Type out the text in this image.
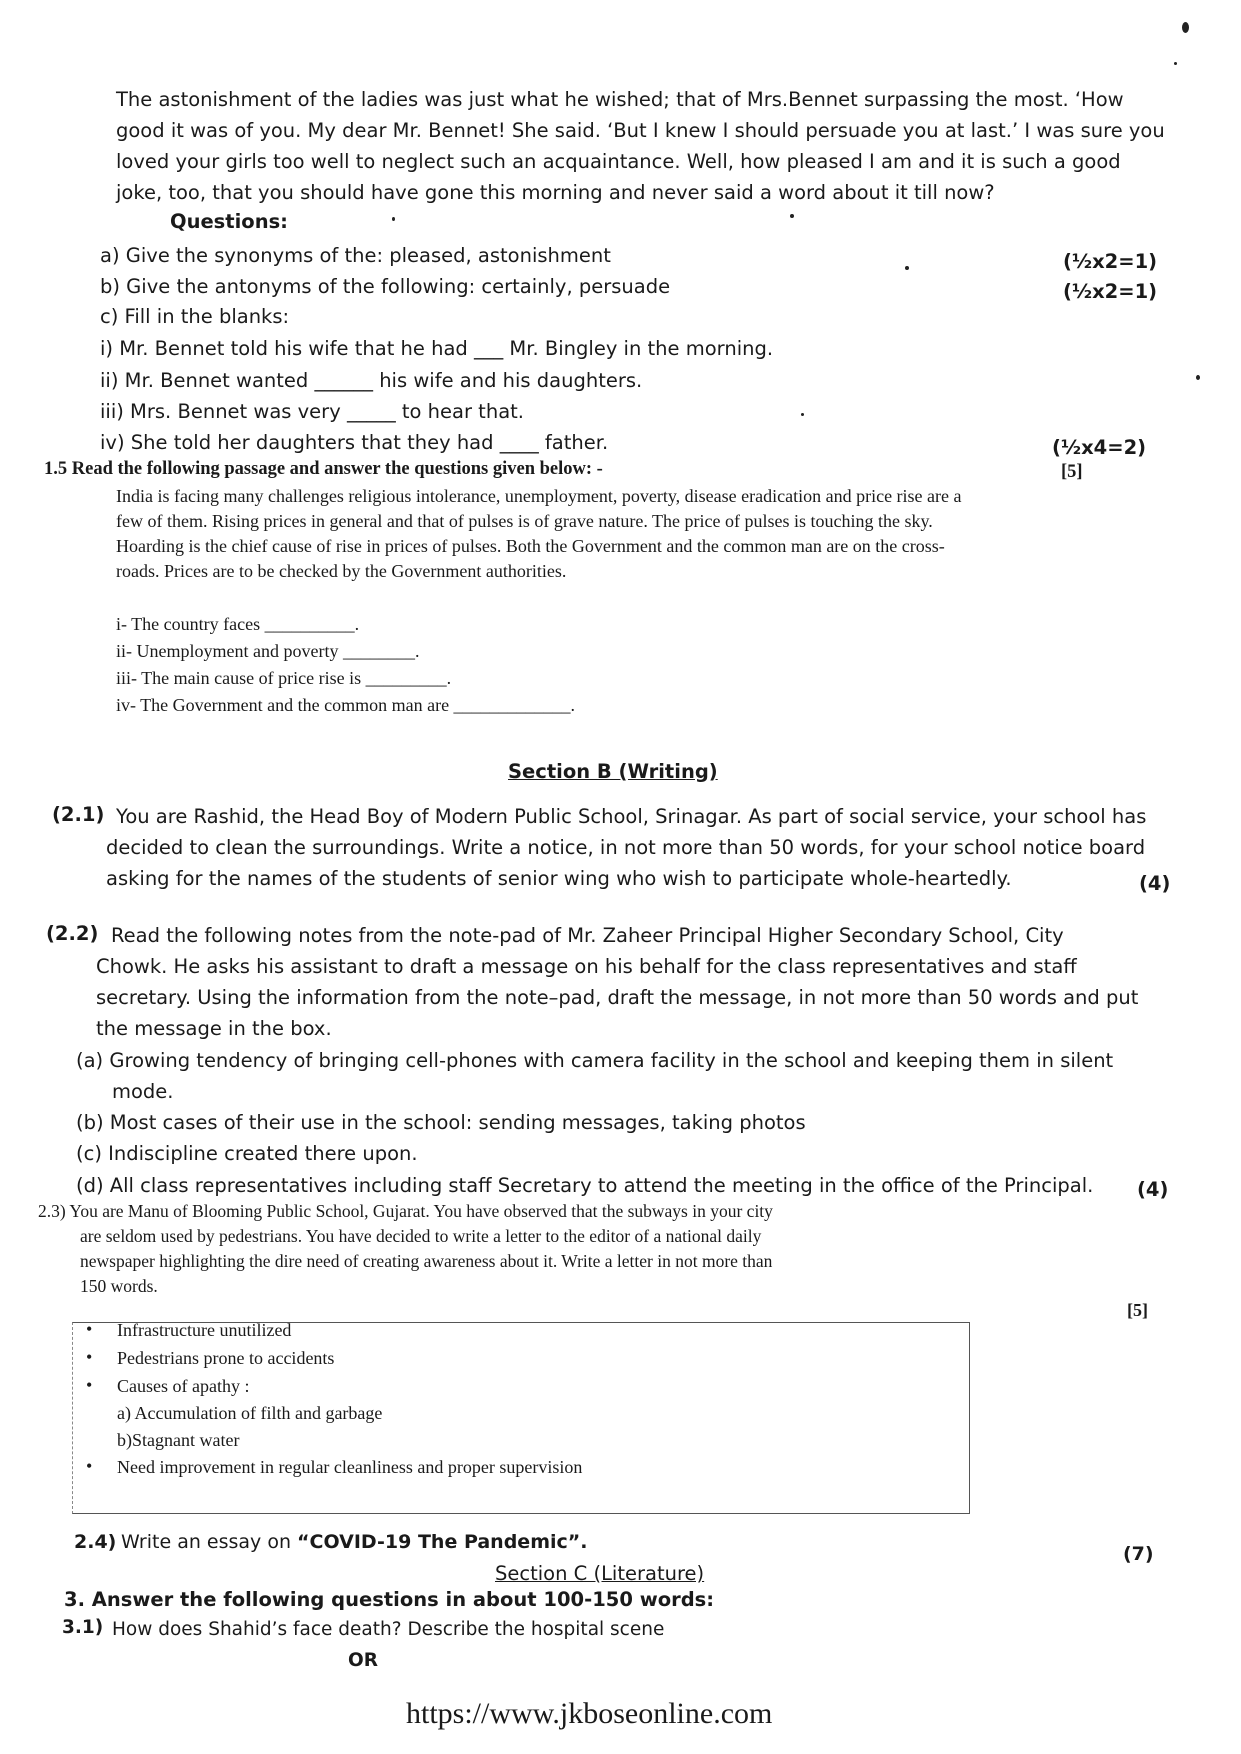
The astonishment of the ladies was just what he wished; that of Mrs.Bennet surpassing the most. ‘How
good it was of you. My dear Mr. Bennet! She said. ‘But I knew I should persuade you at last.’ I was sure you
loved your girls too well to neglect such an acquaintance. Well, how pleased I am and it is such a good
joke, too, that you should have gone this morning and never said a word about it till now?
Questions:
a) Give the synonyms of the: pleased, astonishment	(½x2=1)
b) Give the antonyms of the following: certainly, persuade	(½x2=1)
c) Fill in the blanks:
i) Mr. Bennet told his wife that he had ___ Mr. Bingley in the morning.
ii) Mr. Bennet wanted ______ his wife and his daughters.
iii) Mrs. Bennet was very _____ to hear that.
iv) She told her daughters that they had ____ father.	(½x4=2)
1.5 Read the following passage and answer the questions given below: -	[5]
India is facing many challenges religious intolerance, unemployment, poverty, disease eradication and price rise are a
few of them. Rising prices in general and that of pulses is of grave nature. The price of pulses is touching the sky.
Hoarding is the chief cause of rise in prices of pulses. Both the Government and the common man are on the cross-
roads. Prices are to be checked by the Government authorities.
i- The country faces __________.
ii- Unemployment and poverty ________.
iii- The main cause of price rise is _________.
iv- The Government and the common man are _____________.
Section B (Writing)
(2.1) You are Rashid, the Head Boy of Modern Public School, Srinagar. As part of social service, your school has
decided to clean the surroundings. Write a notice, in not more than 50 words, for your school notice board
asking for the names of the students of senior wing who wish to participate whole-heartedly.	(4)
(2.2) Read the following notes from the note-pad of Mr. Zaheer Principal Higher Secondary School, City
Chowk. He asks his assistant to draft a message on his behalf for the class representatives and staff
secretary. Using the information from the note–pad, draft the message, in not more than 50 words and put
the message in the box.
(a) Growing tendency of bringing cell-phones with camera facility in the school and keeping them in silent
mode.
(b) Most cases of their use in the school: sending messages, taking photos
(c) Indiscipline created there upon.
(d) All class representatives including staff Secretary to attend the meeting in the office of the Principal. (4)
2.3) You are Manu of Blooming Public School, Gujarat. You have observed that the subways in your city
are seldom used by pedestrians. You have decided to write a letter to the editor of a national daily
newspaper highlighting the dire need of creating awareness about it. Write a letter in not more than
150 words.
[5]
• Infrastructure unutilized
• Pedestrians prone to accidents
• Causes of apathy :
a) Accumulation of filth and garbage
b)Stagnant water
• Need improvement in regular cleanliness and proper supervision
2.4) Write an essay on “COVID-19 The Pandemic”.
(7)
Section C (Literature)
3. Answer the following questions in about 100-150 words:
3.1) How does Shahid’s face death? Describe the hospital scene
OR
https://www.jkboseonline.com
